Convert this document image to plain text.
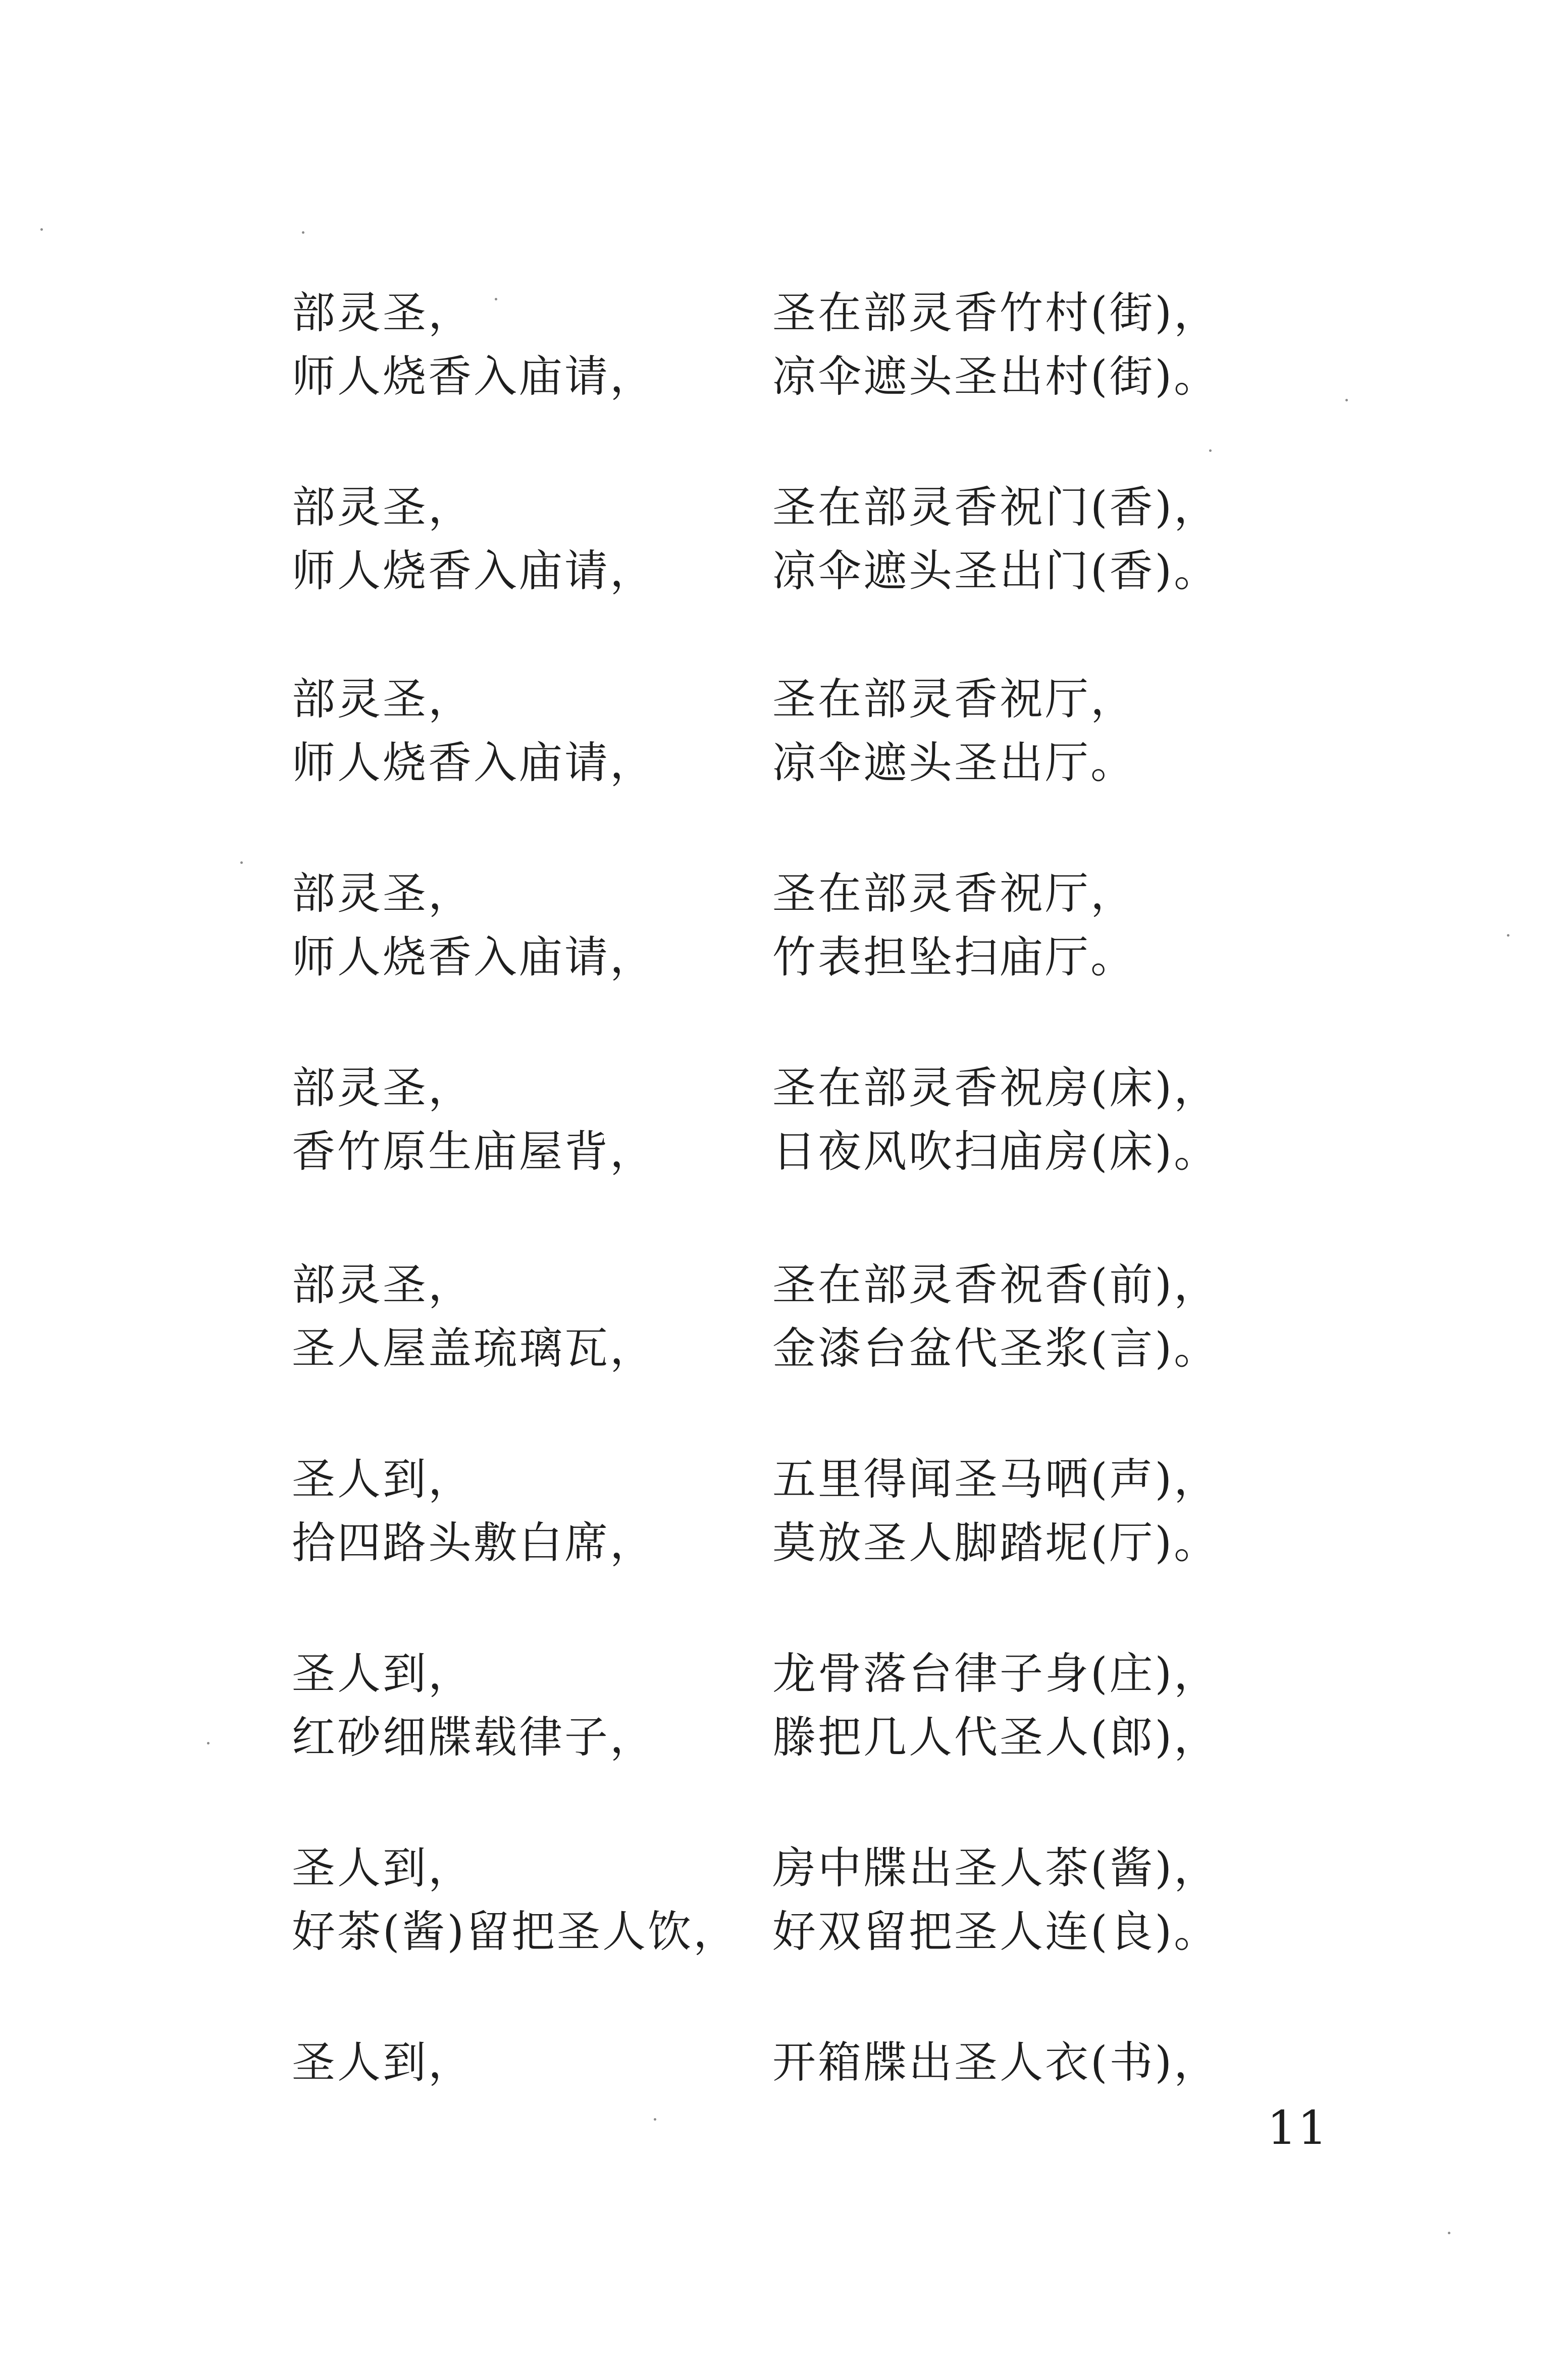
部灵圣，	圣在部灵香竹村(街)，
师人烧香入庙请，	凉伞遮头圣出村(街)。
部灵圣，	圣在部灵香祝门(香)，
师人烧香入庙请，	凉伞遮头圣出门(香)。
部灵圣，	圣在部灵香祝厅，
师人烧香入庙请，	凉伞遮头圣出厅。
部灵圣，	圣在部灵香祝厅，
师人烧香入庙请，	竹表担坠扫庙厅。
部灵圣，	圣在部灵香祝房(床)，
香竹原生庙屋背，	日夜风吹扫庙房(床)。
部灵圣，	圣在部灵香祝香(前)，
圣人屋盖琉璃瓦，	金漆台盆代圣浆(言)。
圣人到，	五里得闻圣马哂(声)，
拾四路头敷白席，	莫放圣人脚踏坭(厅)。
圣人到，	龙骨落台律子身(庄)，
红砂细牒载律子，	滕把几人代圣人(郎)，
圣人到，	房中牒出圣人茶(酱)，
好茶(酱)留把圣人饮， 好双留把圣人连(良)。
圣人到，	开箱牒出圣人衣(书)，
11
